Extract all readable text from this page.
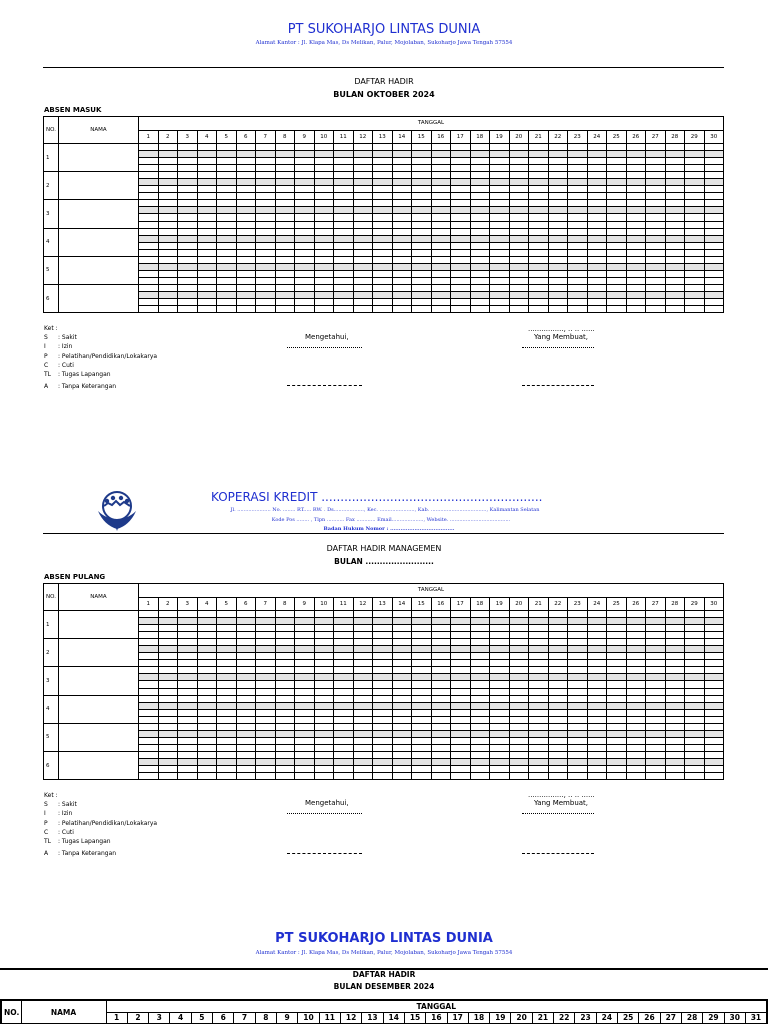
PT SUKOHARJO LINTAS DUNIA
Alamat Kantor : Jl. Klapa Mas, Ds Melikan, Palur, Mojolaban, Sukoharjo Jawa Tengah 57554
DAFTAR HADIR
BULAN OKTOBER 2024
ABSEN MASUK
NO.	NAMA	TANGGAL																													
		1	2	3	4	5	6	7	8	9	10	11	12	13	14	15	16	17	18	19	20	21	22	23	24	25	26	27	28	29	30
1																															

2																															

3																															

4																															

5																															

6																															

Ket :
S : Sakit
I : Izin
P : Pelatihan/Pendidikan/Lokakarya
C : Cuti
TL : Tugas Lapangan
A : Tanpa Keterangan
Mengetahui,
................, .. .. ......
Yang Membuat,
KOPERASI KREDIT ..........................................................
Jl. ..................... No. ........ RT..... RW. . Ds..................., Kec. ......................, Kab. ..................................., Kalimantan Selatan
Kode Pos ........ , Tlpn ........... Fax ............ Email...................., Website. ......................................
Badan Hukum Nomor : .....................................
DAFTAR HADIR MANAGEMEN
BULAN ........................
ABSEN PULANG
NO.	NAMA	TANGGAL																													
		1	2	3	4	5	6	7	8	9	10	11	12	13	14	15	16	17	18	19	20	21	22	23	24	25	26	27	28	29	30
1																															

2																															

3																															

4																															

5																															

6																															

Ket :
S : Sakit
I : Izin
P : Pelatihan/Pendidikan/Lokakarya
C : Cuti
TL : Tugas Lapangan
A : Tanpa Keterangan
Mengetahui,
................, .. .. ......
Yang Membuat,
PT SUKOHARJO LINTAS DUNIA
Alamat Kantor : Jl. Klapa Mas, Ds Melikan, Palur, Mojolaban, Sukoharjo Jawa Tengah 57554
DAFTAR HADIR
BULAN DESEMBER 2024
NO.	NAMA	TANGGAL																														
		1	2	3	4	5	6	7	8	9	10	11	12	13	14	15	16	17	18	19	20	21	22	23	24	25	26	27	28	29	30	31
